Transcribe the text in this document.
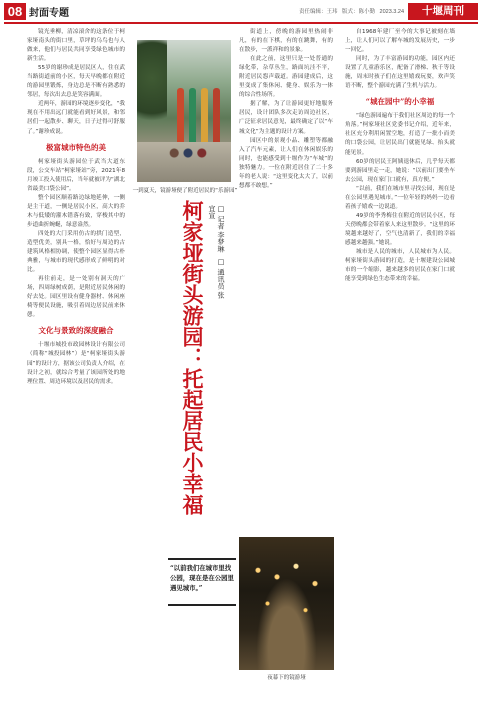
08 封面专题	责任编辑：王玮 版式：陈小勤 2023.3.24	十堰周刊

镜光垂柳，清凉滚舍的这条位于柯家垭南头的街口里，草坪的乌鸟也与人做来，他们与居民共同享受绿色城市的新生活。

55岁的谢珍成是居民区人，住在武当路街道前的小区，每天早晚都在附近的游园里锻炼，身边总是不断有熟悉的邻居，每次出去总是笑容满面。

近两年，游园的环境逐步变化，“我现在不用出远门就能看到好风景，和邻居们一起散步、聊天，日子过得可舒服了。”谢珍成说。

极富城市特色的美

柯家垭街头游园位于武当大道东段，公交车站“柯家垭站”旁，2021年8月竣工投入使用后，当年就被评为“湖北省最美口袋公园”。

整个园区顺着路边绿地延伸，一侧是主干道，一侧是居民小区，高大的乔木与低矮的灌木错落有致，穿梭其中的步道曲折蜿蜒，绿意盎然。

四处的大门采用仿古的拱门造型，造型优美，别具一格，恰好与周边的古建筑风格相协调，使整个园区显得古朴典雅，与城市的现代感形成了鲜明的对比。

再往前走，是一处别有洞天的广场，四周绿树成荫，是附近居民休闲的好去处。园区里设有健身器材、休闲座椅等便民设施，吸引着周边居民前来休憩。

文化与景致的深度融合

十堰市城投市政园林设计有限公司（简称“城投园林”）是“柯家垭街头游园”的设计方，据该公司负责人介绍，在设计之初，就综合考量了该园所处的地理位置、周边环境以及居民的需求。

一到夏天，镜游垭便了附近居民的“乐游园”
柯家垭街头游园：托起居民小幸福	□ 记者 李梦琳 □ 通讯员 张宜宣
“以前我们在城市里找公园，现在是在公园里遇见城市。”

街道上，傍晚的游园里热闹非凡，有的在下棋，有的在跳舞，有的在散步，一派祥和的景象。

在此之前，这里只是一处普通的绿化带，杂草丛生，路面坑洼不平，附近居民怨声载道。游园建成后，这里变成了集休闲、健身、娱乐为一体的综合性场所。

据了解，为了让游园更好地服务居民，设计团队多次走访周边社区，广泛征求居民意见，最终确定了以“车城文化”为主题的设计方案。

园区中的景观小品、雕塑等都融入了汽车元素，让人们在休闲娱乐的同时，也能感受到十堰作为“车城”的独特魅力。一位在附近居住了二十多年的老人说：“这里变化太大了，以前想都不敢想。”

夜幕下的镜游垭

自1968年建厂至今的大事记被刻在墙上，让人们可以了解车城的发展历史，一步一回忆。

同时，为了丰富游园的功能，园区内还设置了儿童游乐区，配备了滑梯、秋千等设施，周末时孩子们在这里嬉戏玩耍，欢声笑语不断，整个游园充满了生机与活力。

“城在园中”的小幸福

“绿色游园遍布于我们社区周边的每一个角落。”柯家垭社区党委书记介绍，近年来，社区充分利用闲置空地，打造了一批小而美的口袋公园，让居民出门就能见绿、抬头就能见景。

60岁的居民王阿姨退休后，几乎每天都要到游园里走一走，她说：“以前出门要坐车去公园，现在家门口就有，真方便。”

“以前，我们在城市里寻找公园，现在是在公园里遇见城市。”一位年轻的妈妈一边看着孩子嬉戏一边说道。

49岁的李秀梅住在附近的居民小区，每天傍晚都会带着家人来这里散步。“这里的环境越来越好了，空气也清新了，我们的幸福感越来越强。”她说。

城市是人民的城市，人民城市为人民。柯家垭街头游园的打造，是十堰建设公园城市的一个缩影，越来越多的居民在家门口就能享受到绿色生态带来的幸福。
